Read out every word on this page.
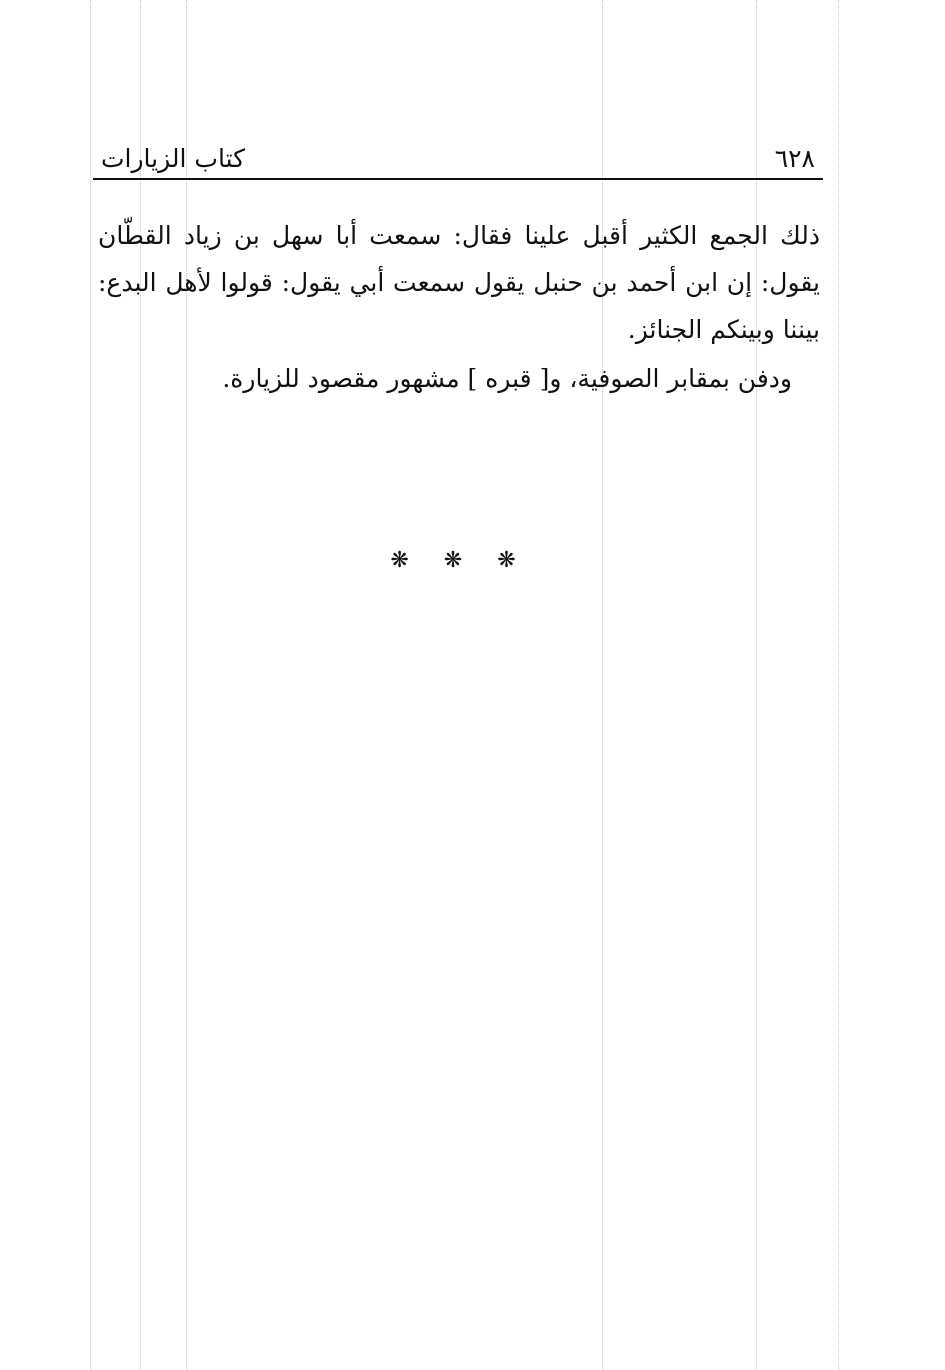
٦٢٨
كتاب الزيارات

ذلك الجمع الكثير أقبل علينا فقال: سمعت أبا سهل بن زياد القطّان يقول: إن ابن أحمد بن حنبل يقول سمعت أبي يقول: قولوا لأهل البدع: بيننا وبينكم الجنائز.

ودفن بمقابر الصوفية، و[ قبره ] مشهور مقصود للزيارة.

❋ ❋ ❋
